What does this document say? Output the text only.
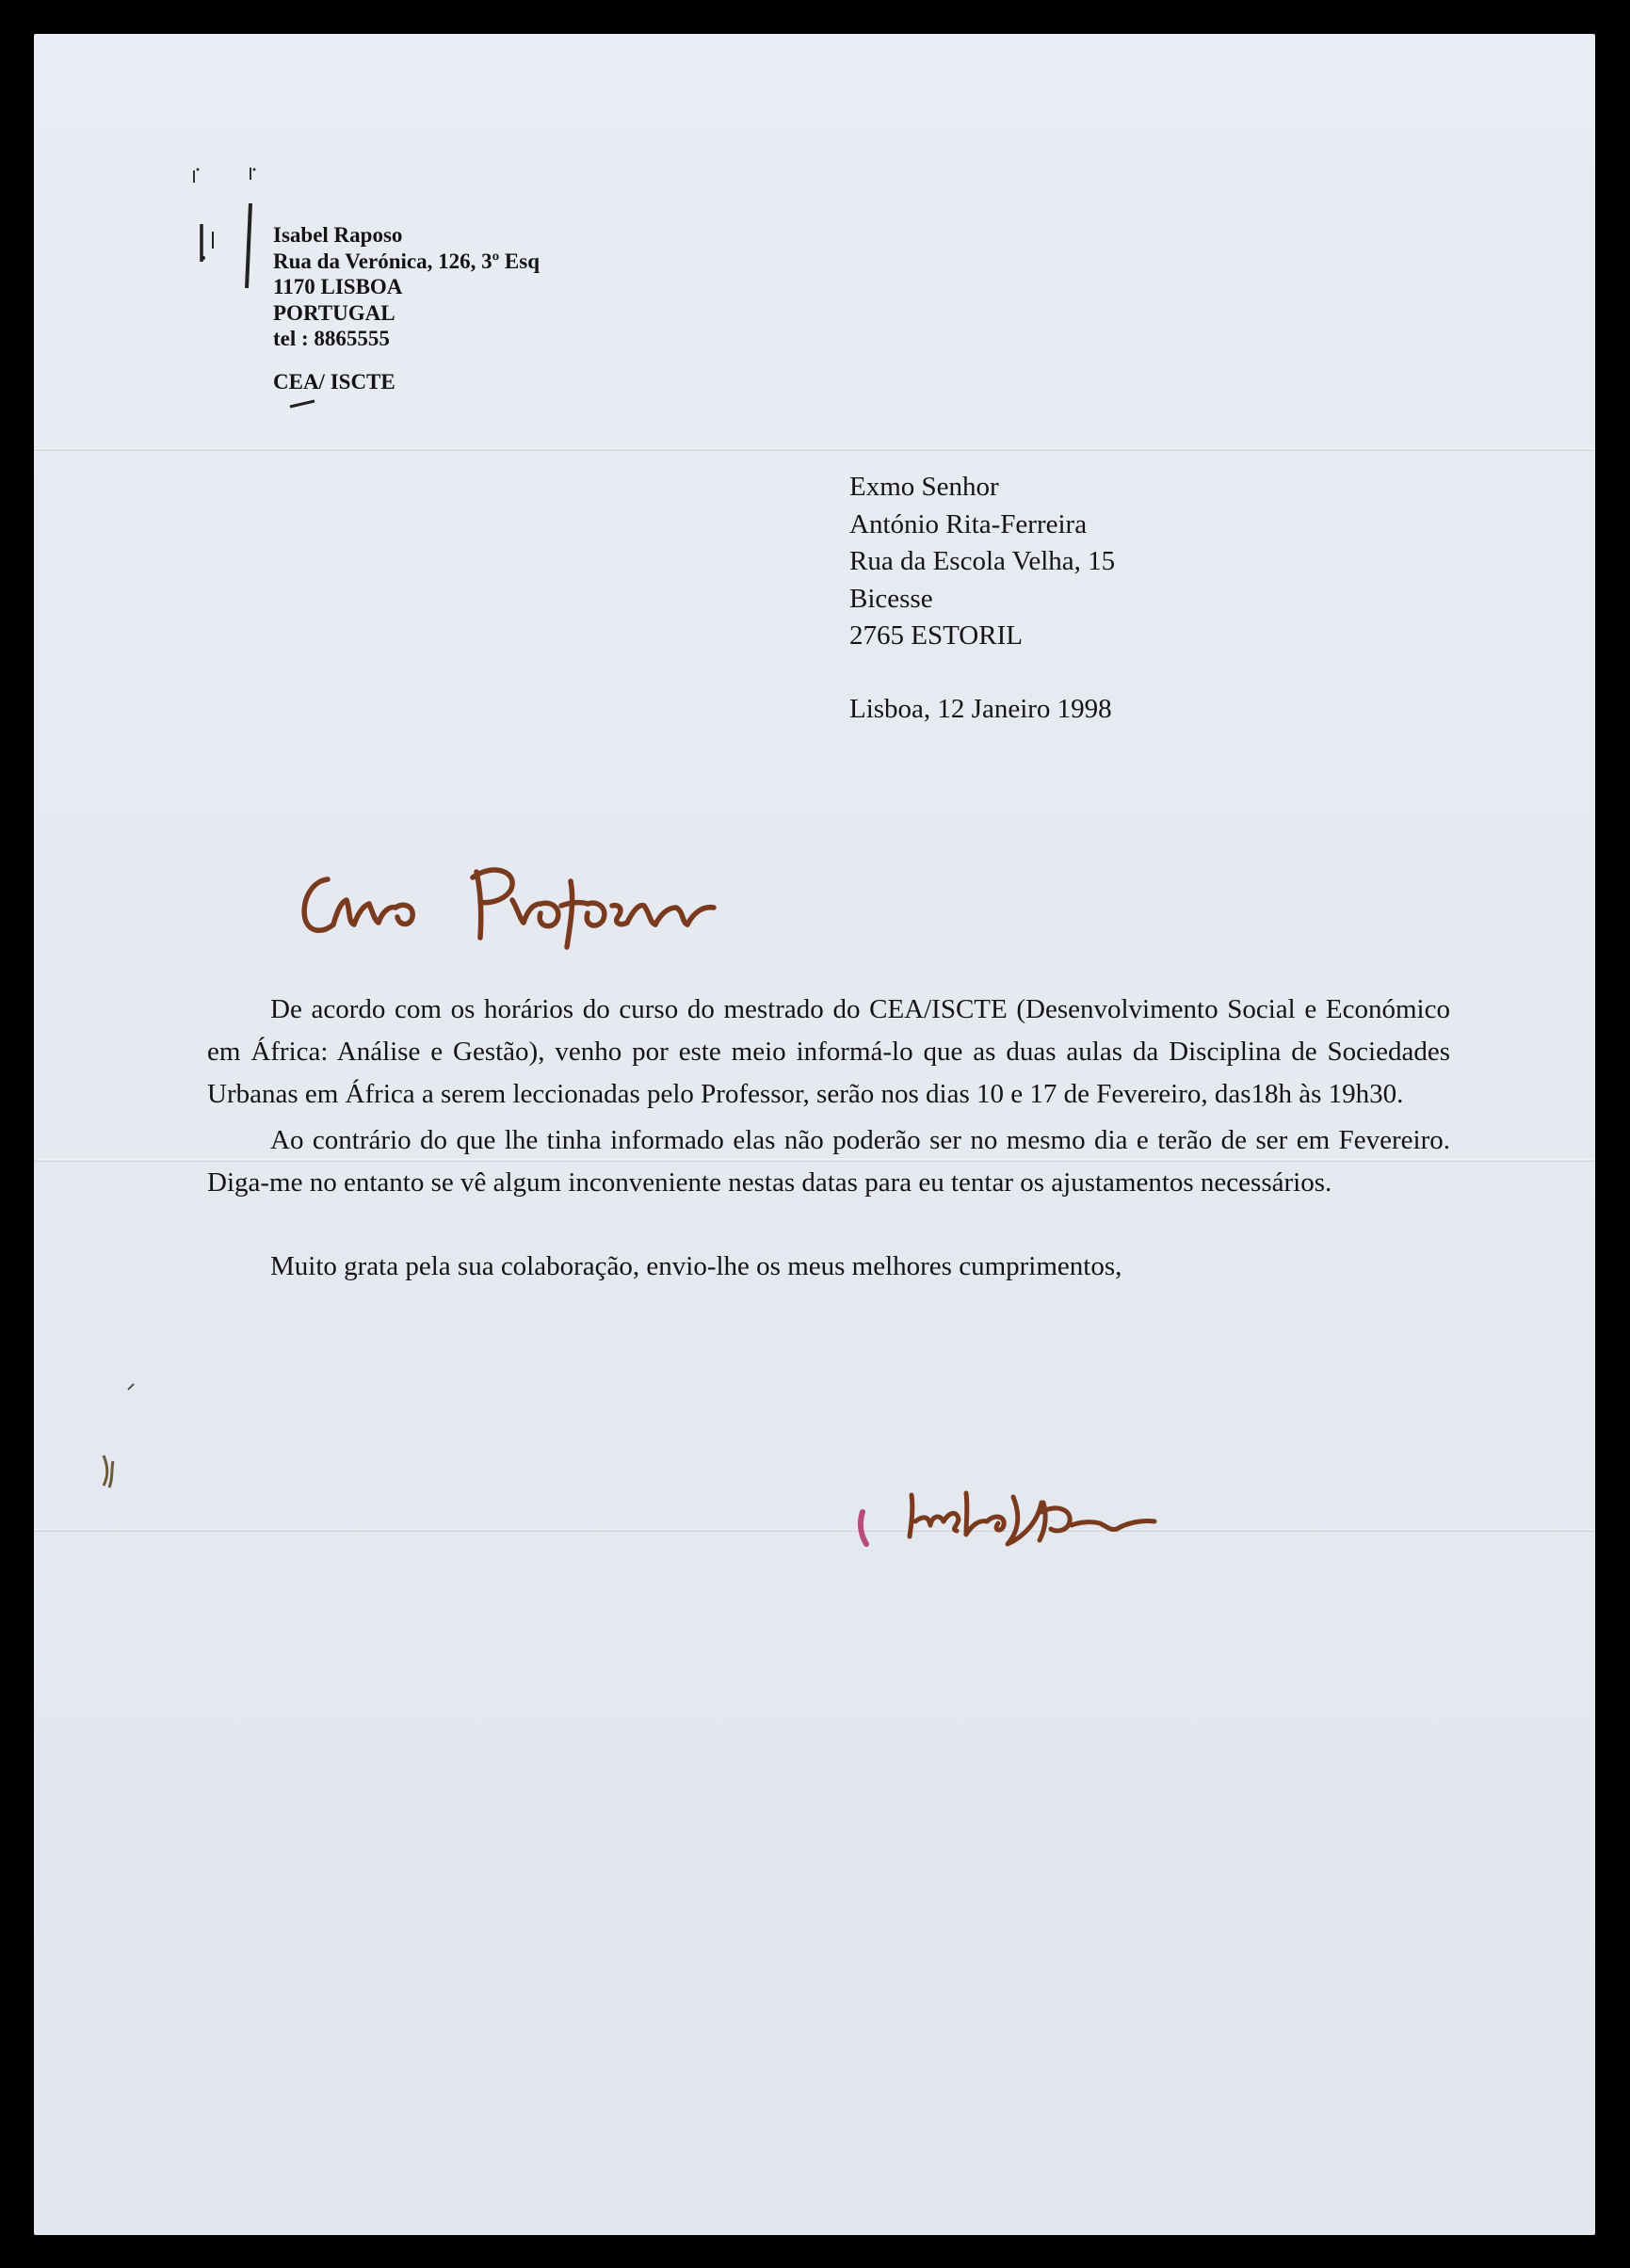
Isabel Raposo
Rua da Verónica, 126, 3º Esq
1170 LISBOA
PORTUGAL
tel : 8865555
CEA/ ISCTE
Exmo Senhor
António Rita-Ferreira
Rua da Escola Velha, 15
Bicesse
2765 ESTORIL
Lisboa, 12 Janeiro 1998

De acordo com os horários do curso do mestrado do CEA/ISCTE (Desenvolvimento Social e Económico em África: Análise e Gestão), venho por este meio informá-lo que as duas aulas da Disciplina de Sociedades Urbanas em África a serem leccionadas pelo Professor, serão nos dias 10 e 17 de Fevereiro, das18h às 19h30.

Ao contrário do que lhe tinha informado elas não poderão ser no mesmo dia e terão de ser em Fevereiro. Diga-me no entanto se vê algum inconveniente nestas datas para eu tentar os ajustamentos necessários.

Muito grata pela sua colaboração, envio-lhe os meus melhores cumprimentos,
